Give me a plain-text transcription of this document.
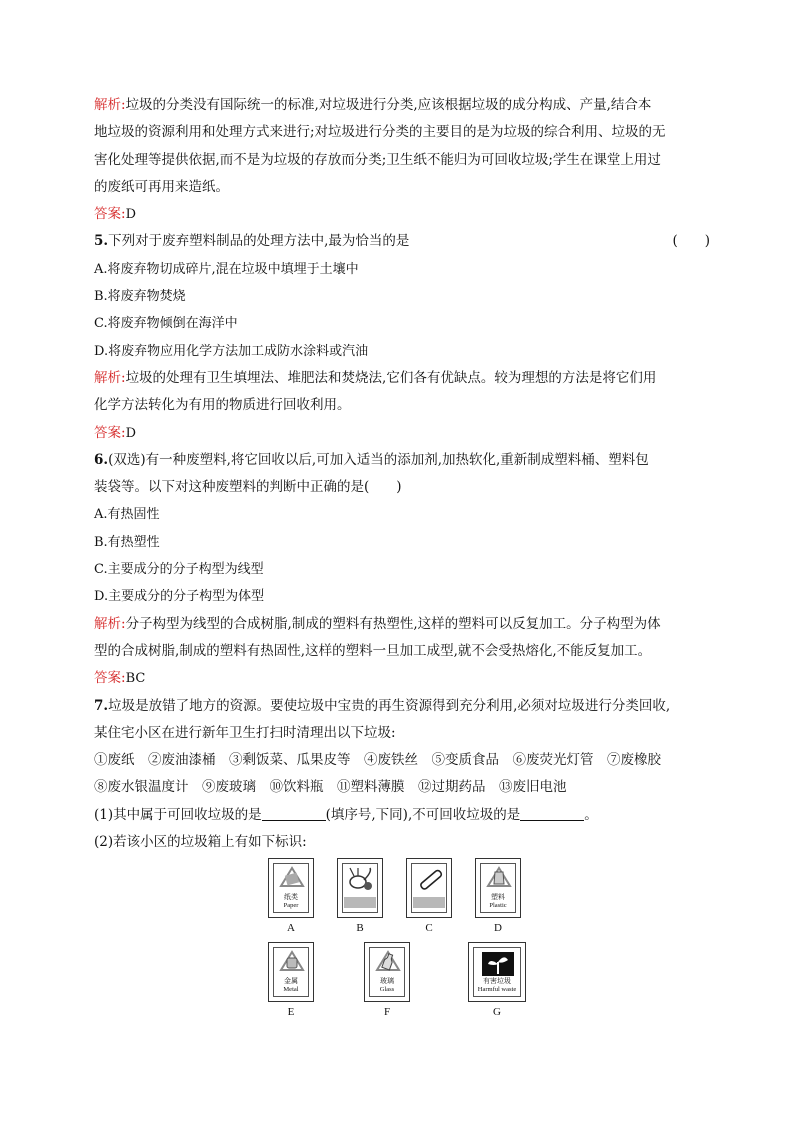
解析:垃圾的分类没有国际统一的标准,对垃圾进行分类,应该根据垃圾的成分构成、产量,结合本
地垃圾的资源利用和处理方式来进行;对垃圾进行分类的主要目的是为垃圾的综合利用、垃圾的无
害化处理等提供依据,而不是为垃圾的存放而分类;卫生纸不能归为可回收垃圾;学生在课堂上用过
的废纸可再用来造纸。
答案:D
5.下列对于废弃塑料制品的处理方法中,最为恰当的是	(　　)
A.将废弃物切成碎片,混在垃圾中填埋于土壤中
B.将废弃物焚烧
C.将废弃物倾倒在海洋中
D.将废弃物应用化学方法加工成防水涂料或汽油
解析:垃圾的处理有卫生填埋法、堆肥法和焚烧法,它们各有优缺点。较为理想的方法是将它们用
化学方法转化为有用的物质进行回收利用。
答案:D
6.(双选)有一种废塑料,将它回收以后,可加入适当的添加剂,加热软化,重新制成塑料桶、塑料包
装袋等。以下对这种废塑料的判断中正确的是(　　)
A.有热固性
B.有热塑性
C.主要成分的分子构型为线型
D.主要成分的分子构型为体型
解析:分子构型为线型的合成树脂,制成的塑料有热塑性,这样的塑料可以反复加工。分子构型为体
型的合成树脂,制成的塑料有热固性,这样的塑料一旦加工成型,就不会受热熔化,不能反复加工。
答案:BC
7.垃圾是放错了地方的资源。要使垃圾中宝贵的再生资源得到充分利用,必须对垃圾进行分类回收,
某住宅小区在进行新年卫生打扫时清理出以下垃圾:
①废纸　②废油漆桶　③剩饭菜、瓜果皮等　④废铁丝　⑤变质食品　⑥废荧光灯管　⑦废橡胶
⑧废水银温度计　⑨废玻璃　⑩饮料瓶　⑪塑料薄膜　⑫过期药品　⑬废旧电池
(1)其中属于可回收垃圾的是	(填序号,下同),不可回收垃圾的是	。
(2)若该小区的垃圾箱上有如下标识:
纸类
Paper
A	B	C
塑料
Plastic
D
金属
Metal
E
玻璃
Glass
F
有害垃圾
Harmful waste
G
